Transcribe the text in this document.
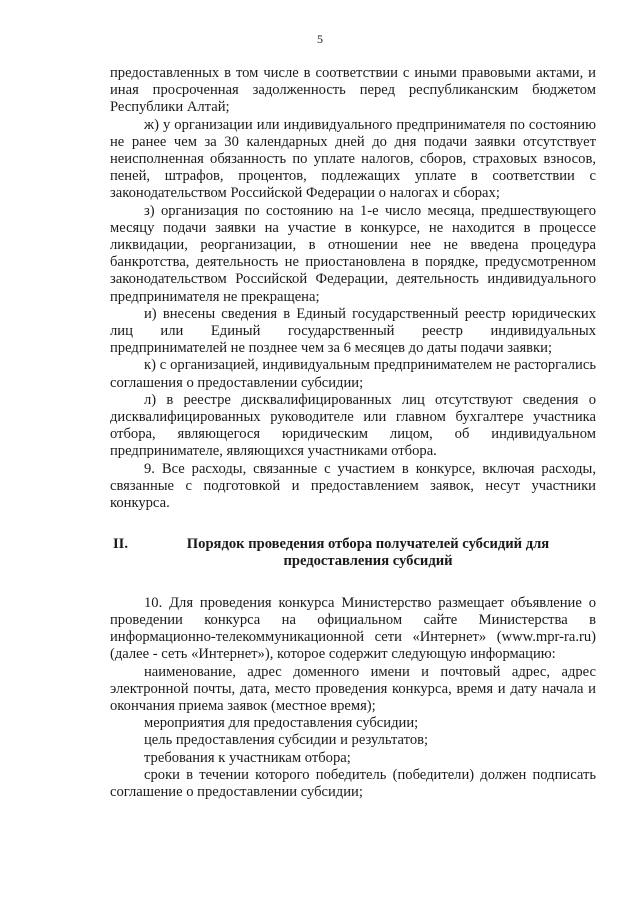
5

предоставленных в том числе в соответствии с иными правовыми актами, и иная просроченная задолженность перед республиканским бюджетом Республики Алтай;

ж) у организации или индивидуального предпринимателя по состоянию не ранее чем за 30 календарных дней до дня подачи заявки отсутствует неисполненная обязанность по уплате налогов, сборов, страховых взносов, пеней, штрафов, процентов, подлежащих уплате в соответствии с законодательством Российской Федерации о налогах и сборах;

з) организация по состоянию на 1-е число месяца, предшествующего месяцу подачи заявки на участие в конкурсе, не находится в процессе ликвидации, реорганизации, в отношении нее не введена процедура банкротства, деятельность не приостановлена в порядке, предусмотренном законодательством Российской Федерации, деятельность индивидуального предпринимателя не прекращена;

и) внесены сведения в Единый государственный реестр юридических лиц или Единый государственный реестр индивидуальных предпринимателей не позднее чем за 6 месяцев до даты подачи заявки;

к) с организацией, индивидуальным предпринимателем не расторгались соглашения о предоставлении субсидии;

л) в реестре дисквалифицированных лиц отсутствуют сведения о дисквалифицированных руководителе или главном бухгалтере участника отбора, являющегося юридическим лицом, об индивидуальном предпринимателе, являющихся участниками отбора.

9. Все расходы, связанные с участием в конкурсе, включая расходы, связанные с подготовкой и предоставлением заявок, несут участники конкурса.

II.	Порядок проведения отбора получателей субсидий для предоставления субсидий

10. Для проведения конкурса Министерство размещает объявление о проведении конкурса на официальном сайте Министерства в информационно-телекоммуникационной сети «Интернет» (www.mpr-ra.ru) (далее - сеть «Интернет»), которое содержит следующую информацию:

наименование, адрес доменного имени и почтовый адрес, адрес электронной почты, дата, место проведения конкурса, время и дату начала и окончания приема заявок (местное время);

мероприятия для предоставления субсидии;

цель предоставления субсидии и результатов;

требования к участникам отбора;

сроки в течении которого победитель (победители) должен подписать соглашение о предоставлении субсидии;
